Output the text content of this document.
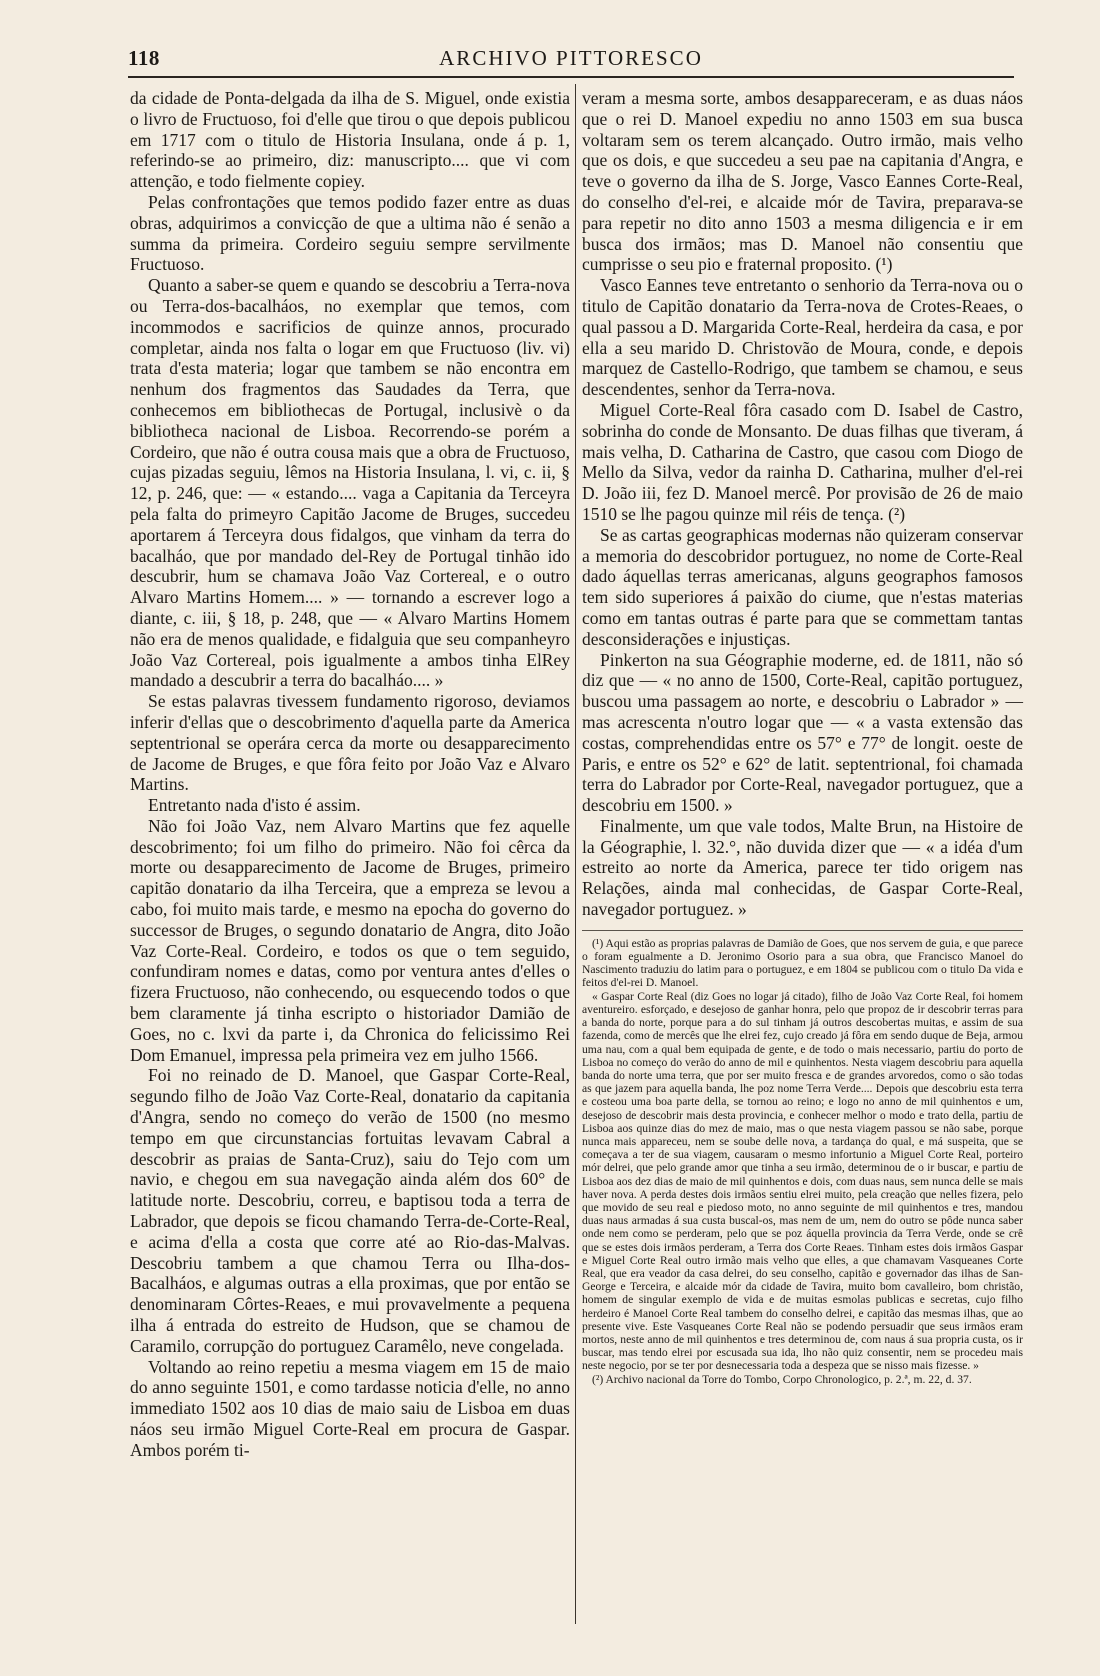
118	ARCHIVO PITTORESCO

da cidade de Ponta-delgada da ilha de S. Miguel, onde existia o livro de Fructuoso, foi d'elle que tirou o que depois publicou em 1717 com o titulo de Historia Insulana, onde á p. 1, referindo-se ao primeiro, diz: manuscripto.... que vi com attenção, e todo fielmente copiey.

Pelas confrontações que temos podido fazer entre as duas obras, adquirimos a convicção de que a ultima não é senão a summa da primeira. Cordeiro seguiu sempre servilmente Fructuoso.

Quanto a saber-se quem e quando se descobriu a Terra-nova ou Terra-dos-bacalháos, no exemplar que temos, com incommodos e sacrificios de quinze annos, procurado completar, ainda nos falta o logar em que Fructuoso (liv. vi) trata d'esta materia; logar que tambem se não encontra em nenhum dos fragmentos das Saudades da Terra, que conhecemos em bibliothecas de Portugal, inclusivè o da bibliotheca nacional de Lisboa. Recorrendo-se porém a Cordeiro, que não é outra cousa mais que a obra de Fructuoso, cujas pizadas seguiu, lêmos na Historia Insulana, l. vi, c. ii, § 12, p. 246, que: — « estando.... vaga a Capitania da Terceyra pela falta do primeyro Capitão Jacome de Bruges, succedeu aportarem á Terceyra dous fidalgos, que vinham da terra do bacalháo, que por mandado del-Rey de Portugal tinhão ido descubrir, hum se chamava João Vaz Cortereal, e o outro Alvaro Martins Homem.... » — tornando a escrever logo a diante, c. iii, § 18, p. 248, que — « Alvaro Martins Homem não era de menos qualidade, e fidalguia que seu companheyro João Vaz Cortereal, pois igualmente a ambos tinha ElRey mandado a descubrir a terra do bacalháo.... »

Se estas palavras tivessem fundamento rigoroso, deviamos inferir d'ellas que o descobrimento d'aquella parte da America septentrional se operára cerca da morte ou desapparecimento de Jacome de Bruges, e que fôra feito por João Vaz e Alvaro Martins.

Entretanto nada d'isto é assim.

Não foi João Vaz, nem Alvaro Martins que fez aquelle descobrimento; foi um filho do primeiro. Não foi cêrca da morte ou desapparecimento de Jacome de Bruges, primeiro capitão donatario da ilha Terceira, que a empreza se levou a cabo, foi muito mais tarde, e mesmo na epocha do governo do successor de Bruges, o segundo donatario de Angra, dito João Vaz Corte-Real. Cordeiro, e todos os que o tem seguido, confundiram nomes e datas, como por ventura antes d'elles o fizera Fructuoso, não conhecendo, ou esquecendo todos o que bem claramente já tinha escripto o historiador Damião de Goes, no c. lxvi da parte i, da Chronica do felicissimo Rei Dom Emanuel, impressa pela primeira vez em julho 1566.

Foi no reinado de D. Manoel, que Gaspar Corte-Real, segundo filho de João Vaz Corte-Real, donatario da capitania d'Angra, sendo no começo do verão de 1500 (no mesmo tempo em que circunstancias fortuitas levavam Cabral a descobrir as praias de Santa-Cruz), saiu do Tejo com um navio, e chegou em sua navegação ainda além dos 60° de latitude norte. Descobriu, correu, e baptisou toda a terra de Labrador, que depois se ficou chamando Terra-de-Corte-Real, e acima d'ella a costa que corre até ao Rio-das-Malvas. Descobriu tambem a que chamou Terra ou Ilha-dos-Bacalháos, e algumas outras a ella proximas, que por então se denominaram Côrtes-Reaes, e mui provavelmente a pequena ilha á entrada do estreito de Hudson, que se chamou de Caramilo, corrupção do portuguez Caramêlo, neve congelada.

Voltando ao reino repetiu a mesma viagem em 15 de maio do anno seguinte 1501, e como tardasse noticia d'elle, no anno immediato 1502 aos 10 dias de maio saiu de Lisboa em duas náos seu irmão Miguel Corte-Real em procura de Gaspar. Ambos porém ti-

veram a mesma sorte, ambos desappareceram, e as duas náos que o rei D. Manoel expediu no anno 1503 em sua busca voltaram sem os terem alcançado. Outro irmão, mais velho que os dois, e que succedeu a seu pae na capitania d'Angra, e teve o governo da ilha de S. Jorge, Vasco Eannes Corte-Real, do conselho d'el-rei, e alcaide mór de Tavira, preparava-se para repetir no dito anno 1503 a mesma diligencia e ir em busca dos irmãos; mas D. Manoel não consentiu que cumprisse o seu pio e fraternal proposito. (¹)

Vasco Eannes teve entretanto o senhorio da Terra-nova ou o titulo de Capitão donatario da Terra-nova de Crotes-Reaes, o qual passou a D. Margarida Corte-Real, herdeira da casa, e por ella a seu marido D. Christovão de Moura, conde, e depois marquez de Castello-Rodrigo, que tambem se chamou, e seus descendentes, senhor da Terra-nova.

Miguel Corte-Real fôra casado com D. Isabel de Castro, sobrinha do conde de Monsanto. De duas filhas que tiveram, á mais velha, D. Catharina de Castro, que casou com Diogo de Mello da Silva, vedor da rainha D. Catharina, mulher d'el-rei D. João iii, fez D. Manoel mercê. Por provisão de 26 de maio 1510 se lhe pagou quinze mil réis de tença. (²)

Se as cartas geographicas modernas não quizeram conservar a memoria do descobridor portuguez, no nome de Corte-Real dado áquellas terras americanas, alguns geographos famosos tem sido superiores á paixão do ciume, que n'estas materias como em tantas outras é parte para que se commettam tantas desconsiderações e injustiças.

Pinkerton na sua Géographie moderne, ed. de 1811, não só diz que — « no anno de 1500, Corte-Real, capitão portuguez, buscou uma passagem ao norte, e descobriu o Labrador » — mas acrescenta n'outro logar que — « a vasta extensão das costas, comprehendidas entre os 57° e 77° de longit. oeste de Paris, e entre os 52° e 62° de latit. septentrional, foi chamada terra do Labrador por Corte-Real, navegador portuguez, que a descobriu em 1500. »

Finalmente, um que vale todos, Malte Brun, na Histoire de la Géographie, l. 32.°, não duvida dizer que — « a idéa d'um estreito ao norte da America, parece ter tido origem nas Relações, ainda mal conhecidas, de Gaspar Corte-Real, navegador portuguez. »

(¹) Aqui estão as proprias palavras de Damião de Goes, que nos servem de guia, e que parece o foram egualmente a D. Jeronimo Osorio para a sua obra, que Francisco Manoel do Nascimento traduziu do latim para o portuguez, e em 1804 se publicou com o titulo Da vida e feitos d'el-rei D. Manoel.

« Gaspar Corte Real (diz Goes no logar já citado), filho de João Vaz Corte Real, foi homem aventureiro. esforçado, e desejoso de ganhar honra, pelo que propoz de ir descobrir terras para a banda do norte, porque para a do sul tinham já outros descobertas muitas, e assim de sua fazenda, como de mercês que lhe elrei fez, cujo creado já fôra em sendo duque de Beja, armou uma nau, com a qual bem equipada de gente, e de todo o mais necessario, partiu do porto de Lisboa no começo do verão do anno de mil e quinhentos. Nesta viagem descobriu para aquella banda do norte uma terra, que por ser muito fresca e de grandes arvoredos, como o são todas as que jazem para aquella banda, lhe poz nome Terra Verde.... Depois que descobriu esta terra e costeou uma boa parte della, se tornou ao reino; e logo no anno de mil quinhentos e um, desejoso de descobrir mais desta provincia, e conhecer melhor o modo e trato della, partiu de Lisboa aos quinze dias do mez de maio, mas o que nesta viagem passou se não sabe, porque nunca mais appareceu, nem se soube delle nova, a tardança do qual, e má suspeita, que se começava a ter de sua viagem, causaram o mesmo infortunio a Miguel Corte Real, porteiro mór delrei, que pelo grande amor que tinha a seu irmão, determinou de o ir buscar, e partiu de Lisboa aos dez dias de maio de mil quinhentos e dois, com duas naus, sem nunca delle se mais haver nova. A perda destes dois irmãos sentiu elrei muito, pela creação que nelles fizera, pelo que movido de seu real e piedoso moto, no anno seguinte de mil quinhentos e tres, mandou duas naus armadas á sua custa buscal-os, mas nem de um, nem do outro se pôde nunca saber onde nem como se perderam, pelo que se poz áquella provincia da Terra Verde, onde se crê que se estes dois irmãos perderam, a Terra dos Corte Reaes. Tinham estes dois irmãos Gaspar e Miguel Corte Real outro irmão mais velho que elles, a que chamavam Vasqueanes Corte Real, que era veador da casa delrei, do seu conselho, capitão e governador das ilhas de San-George e Terceira, e alcaide mór da cidade de Tavira, muito bom cavalleiro, bom christão, homem de singular exemplo de vida e de muitas esmolas publicas e secretas, cujo filho herdeiro é Manoel Corte Real tambem do conselho delrei, e capitão das mesmas ilhas, que ao presente vive. Este Vasqueanes Corte Real não se podendo persuadir que seus irmãos eram mortos, neste anno de mil quinhentos e tres determinou de, com naus á sua propria custa, os ir buscar, mas tendo elrei por escusada sua ida, lho não quiz consentir, nem se procedeu mais neste negocio, por se ter por desnecessaria toda a despeza que se nisso mais fizesse. »

(²) Archivo nacional da Torre do Tombo, Corpo Chronologico, p. 2.ª, m. 22, d. 37.
